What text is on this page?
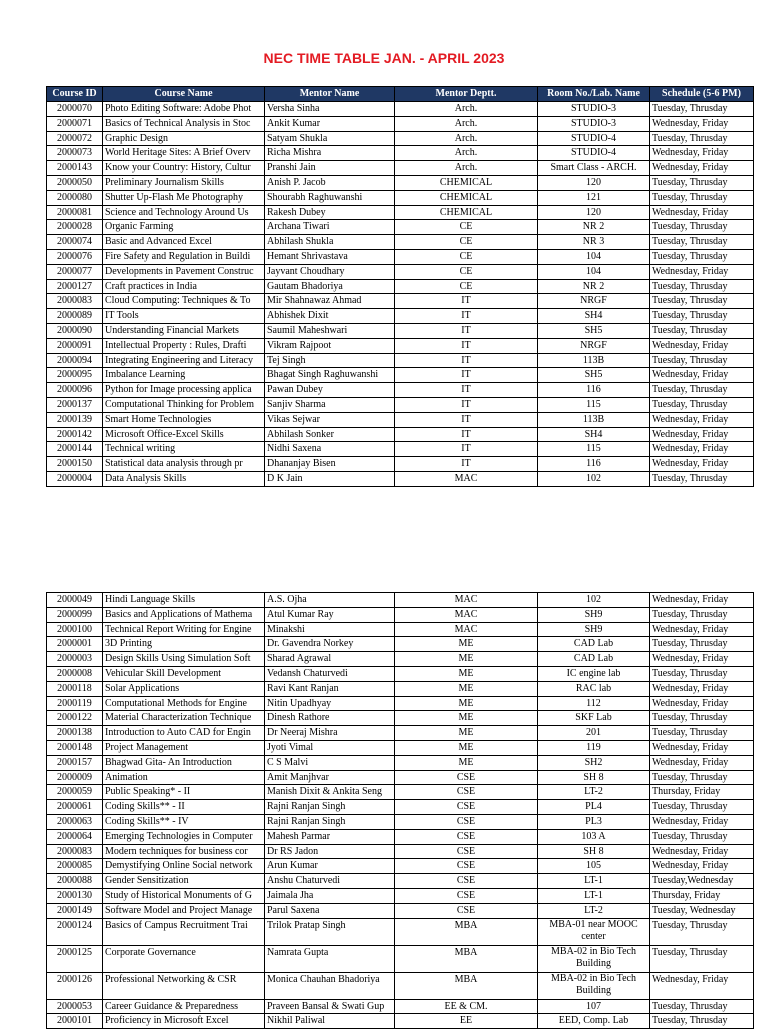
NEC TIME TABLE JAN. - APRIL 2023
Course ID	Course Name	Mentor Name	Mentor Deptt.	Room No./Lab. Name	Schedule (5-6 PM)
2000070	Photo Editing Software: Adobe Phot	Versha Sinha	Arch.	STUDIO-3	Tuesday, Thrusday
2000071	Basics of Technical Analysis in Stoc	Ankit Kumar	Arch.	STUDIO-3	Wednesday, Friday
2000072	Graphic Design	Satyam Shukla	Arch.	STUDIO-4	Tuesday, Thrusday
2000073	World Heritage Sites: A Brief Overv	Richa Mishra	Arch.	STUDIO-4	Wednesday, Friday
2000143	Know your Country: History, Cultur	Pranshi Jain	Arch.	Smart Class - ARCH.	Wednesday, Friday
2000050	Preliminary Journalism Skills	Anish P. Jacob	CHEMICAL	120	Tuesday, Thrusday
2000080	Shutter Up-Flash Me Photography	Shourabh Raghuwanshi	CHEMICAL	121	Tuesday, Thrusday
2000081	Science and Technology Around Us	Rakesh Dubey	CHEMICAL	120	Wednesday, Friday
2000028	Organic Farming	Archana Tiwari	CE	NR 2	Tuesday, Thrusday
2000074	Basic and Advanced Excel	Abhilash Shukla	CE	NR 3	Tuesday, Thrusday
2000076	Fire Safety and Regulation in Buildi	Hemant Shrivastava	CE	104	Tuesday, Thrusday
2000077	Developments in Pavement Construc	Jayvant Choudhary	CE	104	Wednesday, Friday
2000127	Craft practices in India	Gautam Bhadoriya	CE	NR 2	Tuesday, Thrusday
2000083	Cloud Computing: Techniques & To	Mir Shahnawaz Ahmad	IT	NRGF	Tuesday, Thrusday
2000089	IT Tools	Abhishek Dixit	IT	SH4	Tuesday, Thrusday
2000090	Understanding Financial Markets	Saumil Maheshwari	IT	SH5	Tuesday, Thrusday
2000091	Intellectual Property : Rules, Drafti	Vikram Rajpoot	IT	NRGF	Wednesday, Friday
2000094	Integrating Engineering and Literacy	Tej Singh	IT	113B	Tuesday, Thrusday
2000095	Imbalance Learning	Bhagat Singh Raghuwanshi	IT	SH5	Wednesday, Friday
2000096	Python for Image processing applica	Pawan Dubey	IT	116	Tuesday, Thrusday
2000137	Computational Thinking for Problem	Sanjiv Sharma	IT	115	Tuesday, Thrusday
2000139	Smart Home Technologies	Vikas Sejwar	IT	113B	Wednesday, Friday
2000142	Microsoft Office-Excel Skills	Abhilash Sonker	IT	SH4	Wednesday, Friday
2000144	Technical writing	Nidhi Saxena	IT	115	Wednesday, Friday
2000150	Statistical data analysis through pr	Dhananjay Bisen	IT	116	Wednesday, Friday
2000004	Data Analysis Skills	D K Jain	MAC	102	Tuesday, Thrusday
2000049	Hindi Language Skills	A.S. Ojha	MAC	102	Wednesday, Friday
2000099	Basics and Applications of Mathema	Atul Kumar Ray	MAC	SH9	Tuesday, Thrusday
2000100	Technical Report Writing for Engine	Minakshi	MAC	SH9	Wednesday, Friday
2000001	3D Printing	Dr. Gavendra Norkey	ME	CAD Lab	Tuesday, Thrusday
2000003	Design Skills Using Simulation Soft	Sharad Agrawal	ME	CAD Lab	Wednesday, Friday
2000008	Vehicular Skill Development	Vedansh Chaturvedi	ME	IC engine lab	Tuesday, Thrusday
2000118	Solar Applications	Ravi Kant Ranjan	ME	RAC lab	Wednesday, Friday
2000119	Computational Methods for Engine	Nitin Upadhyay	ME	112	Wednesday, Friday
2000122	Material Characterization Technique	Dinesh Rathore	ME	SKF Lab	Tuesday, Thrusday
2000138	Introduction to Auto CAD for Engin	Dr Neeraj Mishra	ME	201	Tuesday, Thrusday
2000148	Project Management	Jyoti Vimal	ME	119	Wednesday, Friday
2000157	Bhagwad Gita- An Introduction	C S Malvi	ME	SH2	Wednesday, Friday
2000009	Animation	Amit Manjhvar	CSE	SH 8	Tuesday, Thrusday
2000059	Public Speaking* - II	Manish Dixit & Ankita Seng	CSE	LT-2	Thursday, Friday
2000061	Coding Skills** - II	Rajni Ranjan Singh	CSE	PL4	Tuesday, Thrusday
2000063	Coding Skills** - IV	Rajni Ranjan Singh	CSE	PL3	Wednesday, Friday
2000064	Emerging Technologies in Computer	Mahesh Parmar	CSE	103 A	Tuesday, Thrusday
2000083	Modern techniques for business cor	Dr RS Jadon	CSE	SH 8	Wednesday, Friday
2000085	Demystifying Online Social network	Arun Kumar	CSE	105	Wednesday, Friday
2000088	Gender Sensitization	Anshu Chaturvedi	CSE	LT-1	Tuesday,Wednesday
2000130	Study of Historical Monuments of G	Jaimala Jha	CSE	LT-1	Thursday, Friday
2000149	Software Model and Project Manage	Parul Saxena	CSE	LT-2	Tuesday, Wednesday
2000124	Basics of Campus Recruitment Trai	Trilok Pratap Singh	MBA	MBA-01 near MOOC center	Tuesday, Thrusday
2000125	Corporate Governance	Namrata Gupta	MBA	MBA-02 in Bio Tech Building	Tuesday, Thrusday
2000126	Professional Networking & CSR	Monica Chauhan Bhadoriya	MBA	MBA-02 in Bio Tech Building	Wednesday, Friday
2000053	Career Guidance & Preparedness	Praveen Bansal & Swati Gup	EE & CM.	107	Tuesday, Thrusday
2000101	Proficiency in Microsoft Excel	Nikhil Paliwal	EE	EED, Comp. Lab	Tuesday, Thrusday
